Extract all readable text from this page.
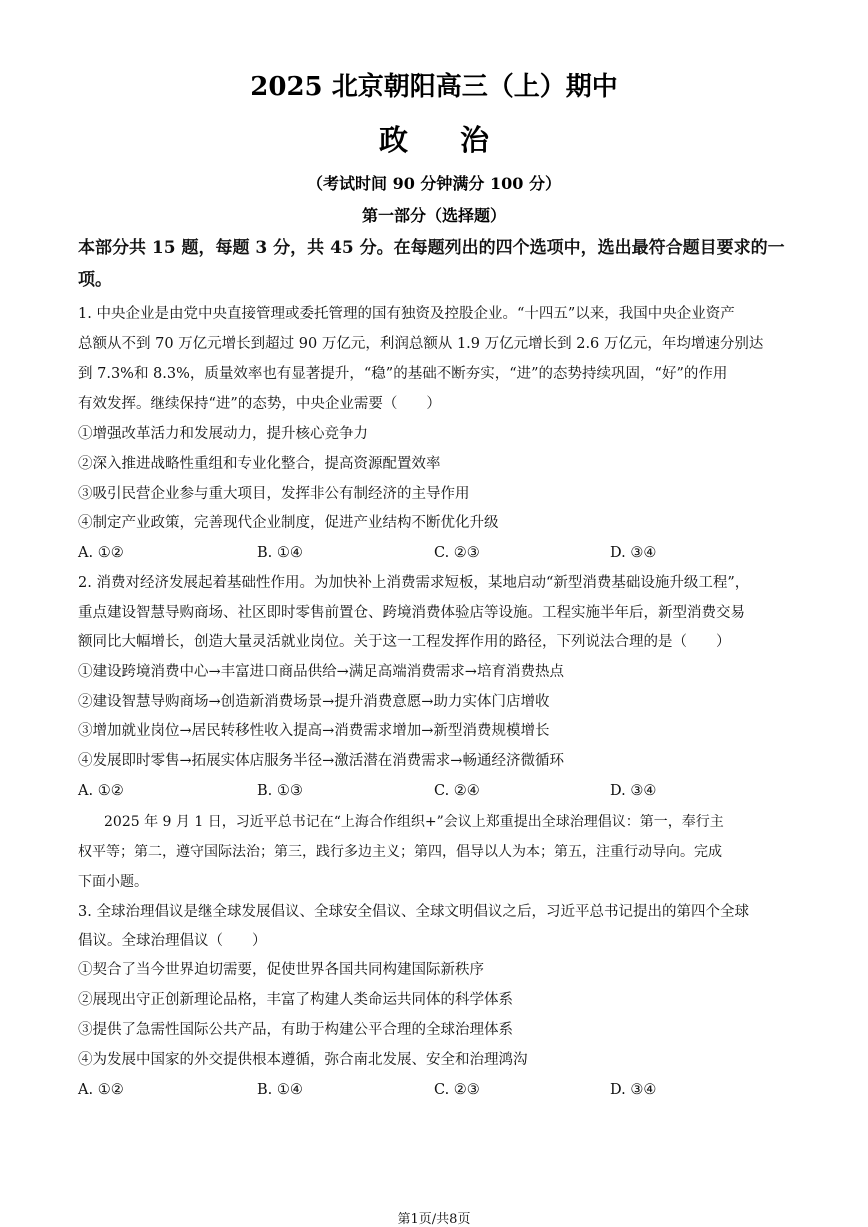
2025 北京朝阳高三（上）期中
政 治
（考试时间 90 分钟满分 100 分）
第一部分（选择题）
本部分共 15 题，每题 3 分，共 45 分。在每题列出的四个选项中，选出最符合题目要求的一
项。
1. 中央企业是由党中央直接管理或委托管理的国有独资及控股企业。“十四五”以来，我国中央企业资产
总额从不到 70 万亿元增长到超过 90 万亿元，利润总额从 1.9 万亿元增长到 2.6 万亿元，年均增速分别达
到 7.3%和 8.3%，质量效率也有显著提升，“稳”的基础不断夯实，“进”的态势持续巩固，“好”的作用
有效发挥。继续保持“进”的态势，中央企业需要（　　）
①增强改革活力和发展动力，提升核心竞争力
②深入推进战略性重组和专业化整合，提高资源配置效率
③吸引民营企业参与重大项目，发挥非公有制经济的主导作用
④制定产业政策，完善现代企业制度，促进产业结构不断优化升级
A. ①②	B. ①④	C. ②③	D. ③④
2. 消费对经济发展起着基础性作用。为加快补上消费需求短板，某地启动“新型消费基础设施升级工程”，
重点建设智慧导购商场、社区即时零售前置仓、跨境消费体验店等设施。工程实施半年后，新型消费交易
额同比大幅增长，创造大量灵活就业岗位。关于这一工程发挥作用的路径，下列说法合理的是（　　）
①建设跨境消费中心→丰富进口商品供给→满足高端消费需求→培育消费热点
②建设智慧导购商场→创造新消费场景→提升消费意愿→助力实体门店增收
③增加就业岗位→居民转移性收入提高→消费需求增加→新型消费规模增长
④发展即时零售→拓展实体店服务半径→激活潜在消费需求→畅通经济微循环
A. ①②	B. ①③	C. ②④	D. ③④
2025 年 9 月 1 日，习近平总书记在“上海合作组织+”会议上郑重提出全球治理倡议：第一，奉行主
权平等；第二，遵守国际法治；第三，践行多边主义；第四，倡导以人为本；第五，注重行动导向。完成
下面小题。
3. 全球治理倡议是继全球发展倡议、全球安全倡议、全球文明倡议之后，习近平总书记提出的第四个全球
倡议。全球治理倡议（　　）
①契合了当今世界迫切需要，促使世界各国共同构建国际新秩序
②展现出守正创新理论品格，丰富了构建人类命运共同体的科学体系
③提供了急需性国际公共产品，有助于构建公平合理的全球治理体系
④为发展中国家的外交提供根本遵循，弥合南北发展、安全和治理鸿沟
A. ①②	B. ①④	C. ②③	D. ③④
第1页/共8页
